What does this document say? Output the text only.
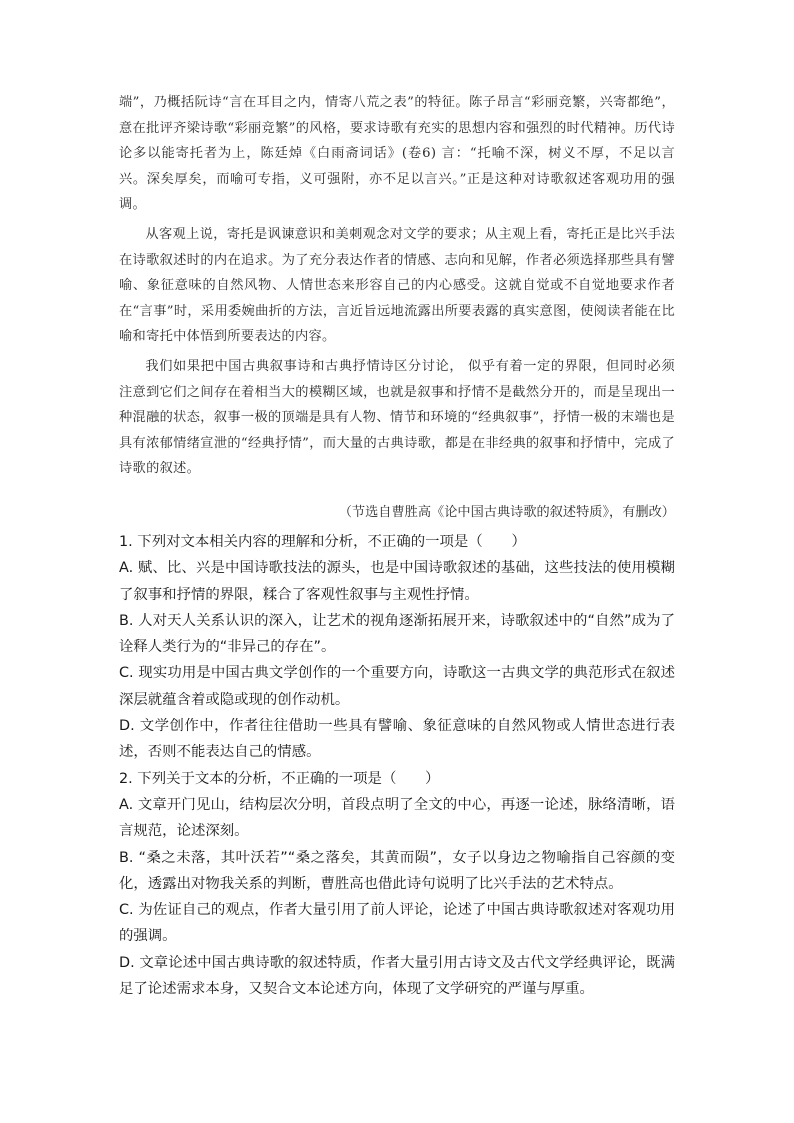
端”，乃概括阮诗“言在耳目之内，情寄八荒之表”的特征。陈子昂言“彩丽竞繁，兴寄都绝”，意在批评齐梁诗歌“彩丽竞繁”的风格，要求诗歌有充实的思想内容和强烈的时代精神。历代诗论多以能寄托者为上，陈廷焯《白雨斋词话》(卷6) 言：“托喻不深，树义不厚，不足以言兴。深矣厚矣，而喻可专指，义可强附，亦不足以言兴。”正是这种对诗歌叙述客观功用的强调。

从客观上说，寄托是讽谏意识和美刺观念对文学的要求；从主观上看，寄托正是比兴手法在诗歌叙述时的内在追求。为了充分表达作者的情感、志向和见解，作者必须选择那些具有譬喻、象征意味的自然风物、人情世态来形容自己的内心感受。这就自觉或不自觉地要求作者在“言事”时，采用委婉曲折的方法，言近旨远地流露出所要表露的真实意图，使阅读者能在比喻和寄托中体悟到所要表达的内容。

我们如果把中国古典叙事诗和古典抒情诗区分讨论， 似乎有着一定的界限，但同时必须注意到它们之间存在着相当大的模糊区域，也就是叙事和抒情不是截然分开的，而是呈现出一种混融的状态，叙事一极的顶端是具有人物、情节和环境的“经典叙事”，抒情一极的末端也是具有浓郁情绪宣泄的“经典抒情”，而大量的古典诗歌，都是在非经典的叙事和抒情中，完成了诗歌的叙述。

（节选自曹胜高《论中国古典诗歌的叙述特质》，有删改）

1. 下列对文本相关内容的理解和分析，不正确的一项是（　　）

A. 赋、比、兴是中国诗歌技法的源头，也是中国诗歌叙述的基础，这些技法的使用模糊了叙事和抒情的界限，糅合了客观性叙事与主观性抒情。

B. 人对天人关系认识的深入，让艺术的视角逐渐拓展开来，诗歌叙述中的“自然”成为了诠释人类行为的“非异己的存在”。

C. 现实功用是中国古典文学创作的一个重要方向，诗歌这一古典文学的典范形式在叙述深层就蕴含着或隐或现的创作动机。

D. 文学创作中，作者往往借助一些具有譬喻、象征意味的自然风物或人情世态进行表述，否则不能表达自己的情感。

2. 下列关于文本的分析，不正确的一项是（　　）

A. 文章开门见山，结构层次分明，首段点明了全文的中心，再逐一论述，脉络清晰，语言规范，论述深刻。

B. “桑之未落，其叶沃若”“桑之落矣，其黄而陨”，女子以身边之物喻指自己容颜的变化，透露出对物我关系的判断，曹胜高也借此诗句说明了比兴手法的艺术特点。

C. 为佐证自己的观点，作者大量引用了前人评论，论述了中国古典诗歌叙述对客观功用的强调。

D. 文章论述中国古典诗歌的叙述特质，作者大量引用古诗文及古代文学经典评论，既满足了论述需求本身，又契合文本论述方向，体现了文学研究的严谨与厚重。
